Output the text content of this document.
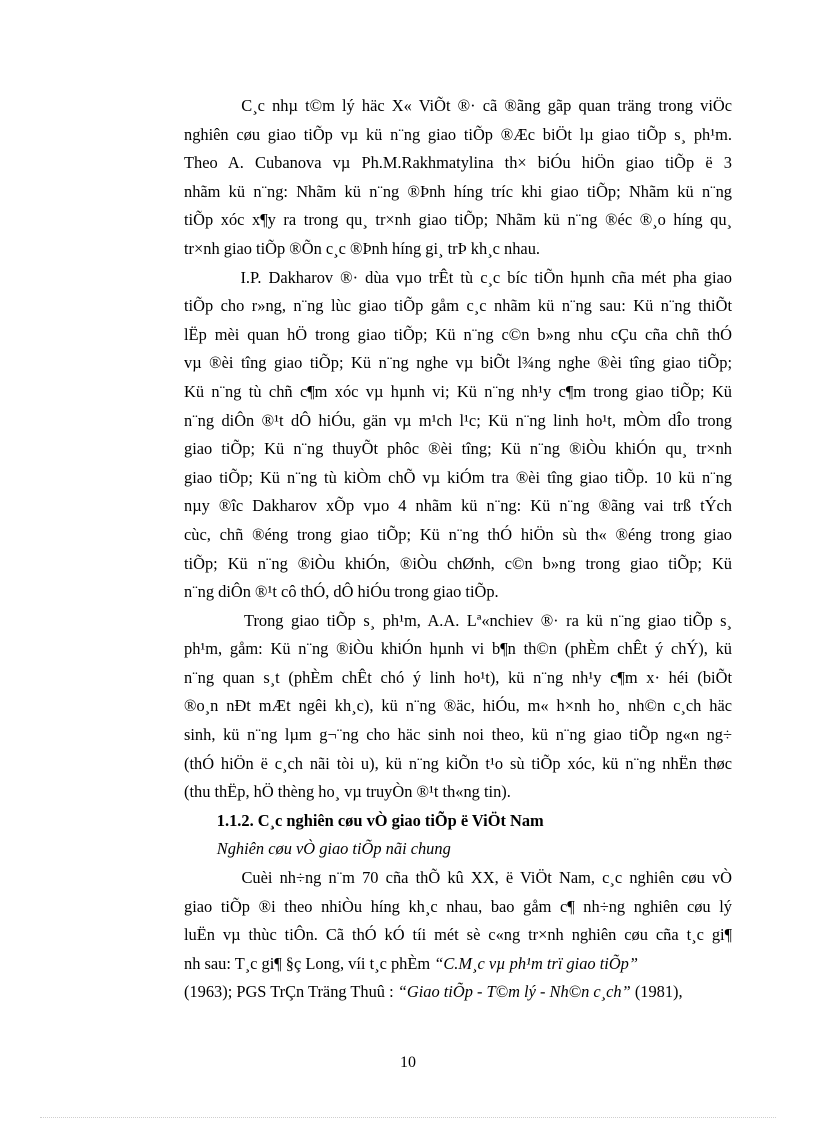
C¸c nhµ t©m lý häc X« ViÕt ®· cã ®ãng gãp quan träng trong viÖc
nghiên cøu giao tiÕp vµ kü n¨ng giao tiÕp ®Æc biÖt lµ giao tiÕp s¸ ph¹m.
Theo A. Cubanova vµ Ph.M.Rakhmatylina th× biÓu hiÖn giao tiÕp ë 3
nhãm kü n¨ng: Nhãm kü n¨ng ®Þnh híng tríc khi giao tiÕp; Nhãm kü n¨ng
tiÕp xóc x¶y ra trong qu¸ tr×nh giao tiÕp; Nhãm kü n¨ng ®éc ®¸o híng qu¸
tr×nh giao tiÕp ®Õn c¸c ®Þnh híng gi¸ trÞ kh¸c nhau.
I.P. Dakharov ®· dùa vµo trÊt tù c¸c bíc tiÕn hµnh cña mét pha giao
tiÕp cho r»ng, n¨ng lùc giao tiÕp gåm c¸c nhãm kü n¨ng sau: Kü n¨ng thiÕt
lËp mèi quan hÖ trong giao tiÕp; Kü n¨ng c©n b»ng nhu cÇu cña chñ thÓ
vµ ®èi tîng giao tiÕp; Kü n¨ng nghe vµ biÕt l¾ng nghe ®èi tîng giao tiÕp;
Kü n¨ng tù chñ c¶m xóc vµ hµnh vi; Kü n¨ng nh¹y c¶m trong giao tiÕp; Kü
n¨ng diÔn ®¹t dÔ hiÓu, gän vµ m¹ch l¹c; Kü n¨ng linh ho¹t, mÒm dÎo trong
giao tiÕp; Kü n¨ng thuyÕt phôc ®èi tîng; Kü n¨ng ®iÒu khiÓn qu¸ tr×nh
giao tiÕp; Kü n¨ng tù kiÒm chÕ vµ kiÓm tra ®èi tîng giao tiÕp. 10 kü n¨ng
nµy ®îc Dakharov xÕp vµo 4 nhãm kü n¨ng: Kü n¨ng ®ãng vai trß tÝch
cùc, chñ ®éng trong giao tiÕp; Kü n¨ng thÓ hiÖn sù th« ®éng trong giao
tiÕp; Kü n¨ng ®iÒu khiÓn, ®iÒu chØnh, c©n b»ng trong giao tiÕp; Kü
n¨ng diÔn ®¹t cô thÓ, dÔ hiÓu trong giao tiÕp.
Trong giao tiÕp s¸ ph¹m, A.A. Lª«nchiev ®· ra kü n¨ng giao tiÕp s¸
ph¹m, gåm: Kü n¨ng ®iÒu khiÓn hµnh vi b¶n th©n (phÈm chÊt ý chÝ), kü
n¨ng quan s¸t (phÈm chÊt chó ý linh ho¹t), kü n¨ng nh¹y c¶m x· héi (biÕt
®o¸n nÐt mÆt ngêi kh¸c), kü n¨ng ®äc, hiÓu, m« h×nh ho¸ nh©n c¸ch häc
sinh, kü n¨ng lµm g¬¨ng cho häc sinh noi theo, kü n¨ng giao tiÕp ng«n ng÷
(thÓ hiÖn ë c¸ch nãi tòi u), kü n¨ng kiÕn t¹o sù tiÕp xóc, kü n¨ng nhËn thøc
(thu thËp, hÖ thèng ho¸ vµ truyÒn ®¹t th«ng tin).
1.1.2. C¸c nghiên cøu vÒ giao tiÕp ë ViÖt Nam
Nghiên cøu vÒ giao tiÕp nãi chung
Cuèi nh÷ng n¨m 70 cña thÕ kû XX, ë ViÖt Nam, c¸c nghiên cøu vÒ
giao tiÕp ®i theo nhiÒu híng kh¸c nhau, bao gåm c¶ nh÷ng nghiên cøu lý
luËn vµ thùc tiÔn. Cã thÓ kÓ tíi mét sè c«ng tr×nh nghiên cøu cña t¸c gi¶
nh sau: T¸c gi¶ §ç Long, víi t¸c phÈm “C.M¸c vµ ph¹m trï giao tiÕp”
(1963); PGS TrÇn Träng Thuû : “Giao tiÕp - T©m lý - Nh©n c¸ch” (1981),
10
